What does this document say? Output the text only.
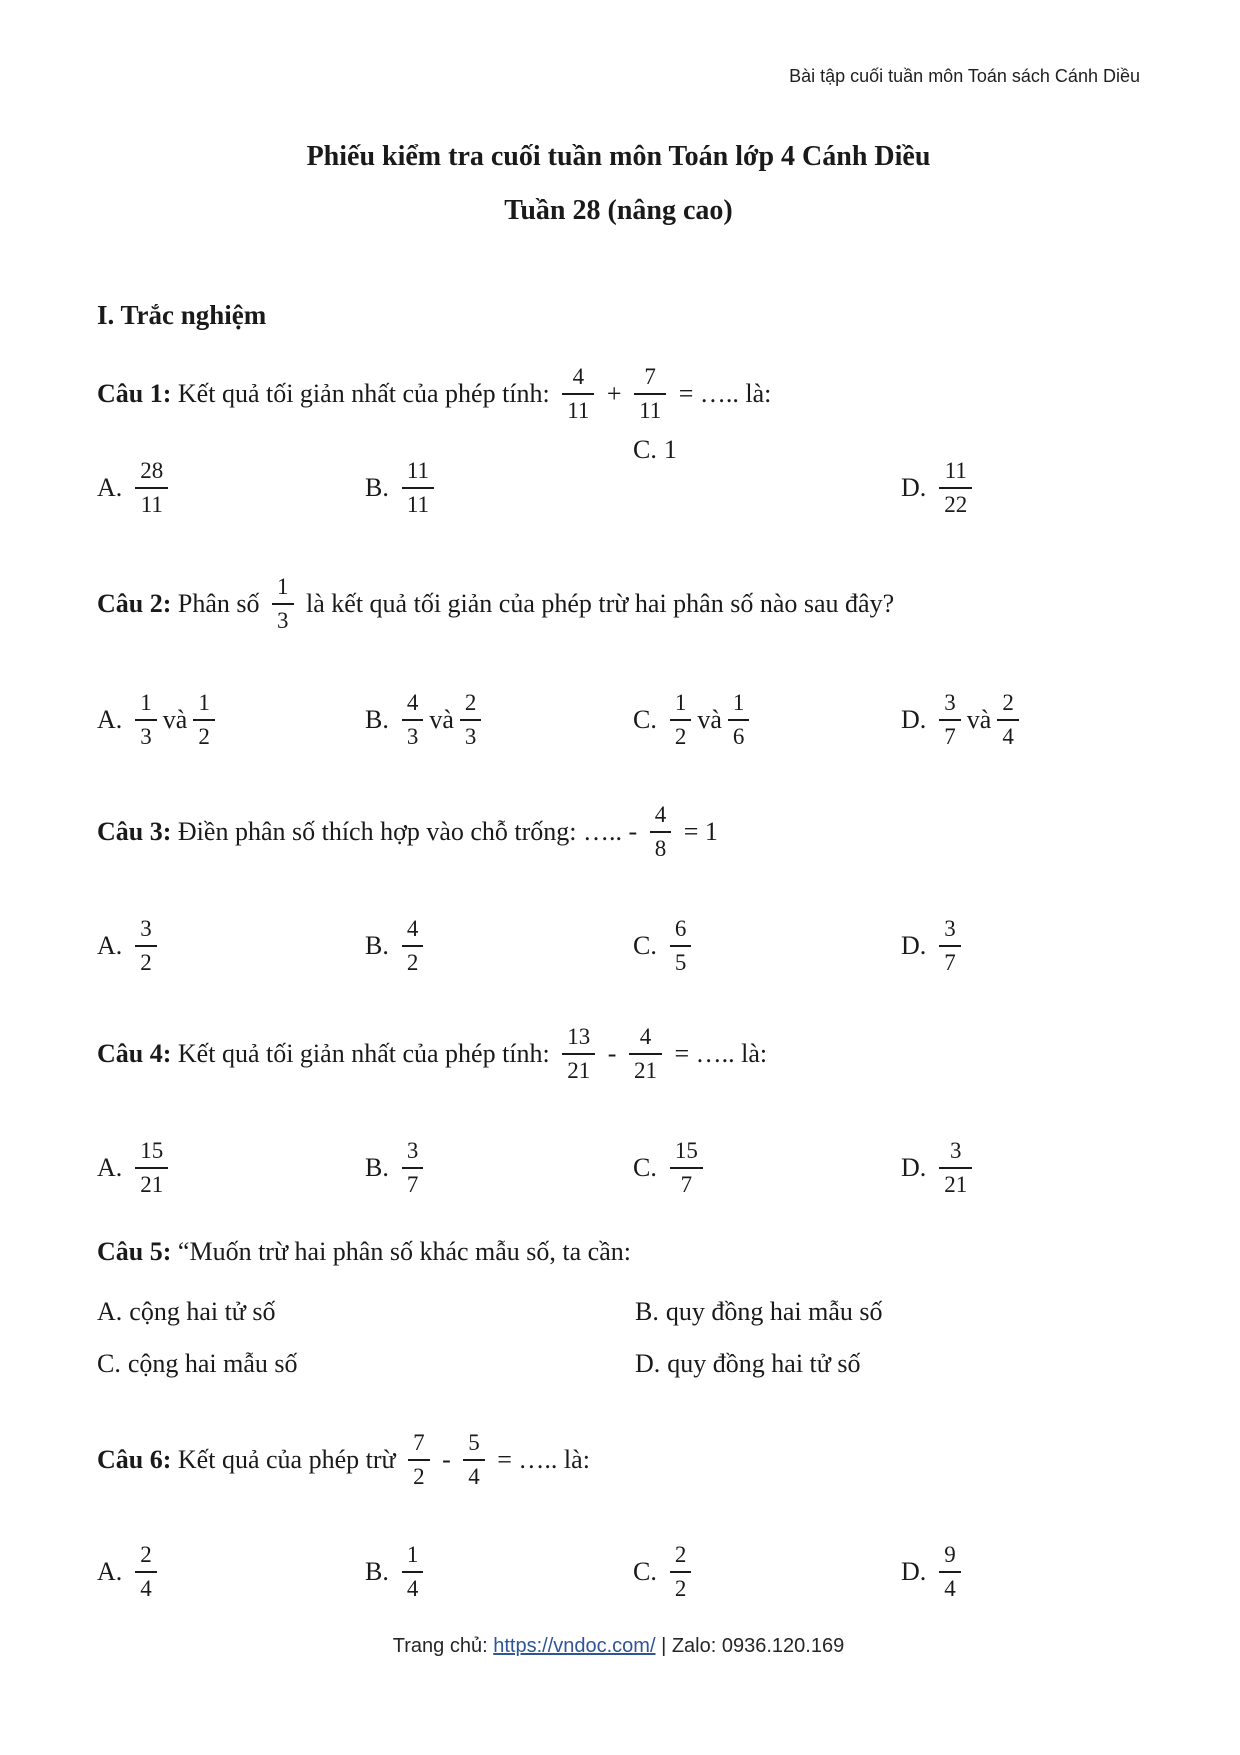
Bài tập cuối tuần môn Toán sách Cánh Diều
Phiếu kiểm tra cuối tuần môn Toán lớp 4 Cánh Diều
Tuần 28 (nâng cao)
I. Trắc nghiệm
Câu 1: Kết quả tối giản nhất của phép tính: $\frac{4}{11} + \frac{7}{11}$ = ….. là:
A. $\frac{28}{11}$	B. $\frac{11}{11}$
C. 1
D. $\frac{11}{22}$
Câu 2: Phân số $\frac{1}{3}$ là kết quả tối giản của phép trừ hai phân số nào sau đây?
A. $\frac{1}{3}$ và $\frac{1}{2}$	B. $\frac{4}{3}$ và $\frac{2}{3}$	C. $\frac{1}{2}$ và $\frac{1}{6}$	D. $\frac{3}{7}$ và $\frac{2}{4}$
Câu 3: Điền phân số thích hợp vào chỗ trống: ….. - $\frac{4}{8} = 1$
A. $\frac{3}{2}$	B. $\frac{4}{2}$	C. $\frac{6}{5}$	D. $\frac{3}{7}$
Câu 4: Kết quả tối giản nhất của phép tính: $\frac{13}{21} - \frac{4}{21}$ = ….. là:
A. $\frac{15}{21}$	B. $\frac{3}{7}$	C. $\frac{15}{7}$	D. $\frac{3}{21}$
Câu 5: “Muốn trừ hai phân số khác mẫu số, ta cần:
A. cộng hai tử số	B. quy đồng hai mẫu số
C. cộng hai mẫu số	D. quy đồng hai tử số
Câu 6: Kết quả của phép trừ $\frac{7}{2} - \frac{5}{4}$ = ….. là:
A. $\frac{2}{4}$	B. $\frac{1}{4}$	C. $\frac{2}{2}$	D. $\frac{9}{4}$
Trang chủ: https://vndoc.com/ | Zalo: 0936.120.169
